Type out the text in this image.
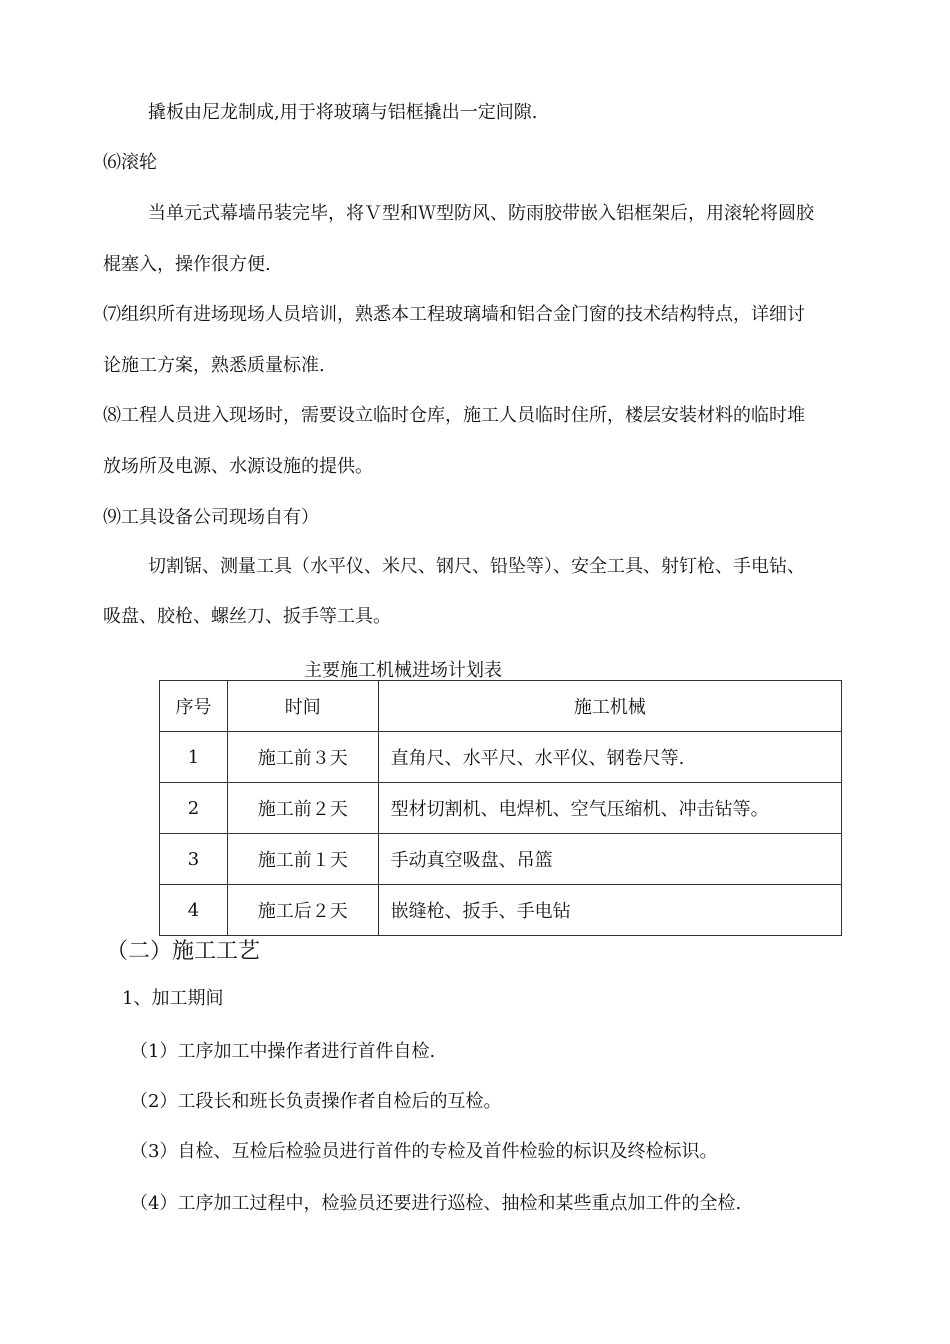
撬板由尼龙制成,用于将玻璃与铝框撬出一定间隙.
⑹滚轮
当单元式幕墙吊装完毕，将Ｖ型和Ｗ型防风、防雨胶带嵌入铝框架后，用滚轮将圆胶
棍塞入，操作很方便.
⑺组织所有进场现场人员培训，熟悉本工程玻璃墙和铝合金门窗的技术结构特点，详细讨
论施工方案，熟悉质量标准.
⑻工程人员进入现场时，需要设立临时仓库，施工人员临时住所，楼层安装材料的临时堆
放场所及电源、水源设施的提供。
⑼工具设备公司现场自有）
切割锯、测量工具（水平仪、米尺、钢尺、铅坠等）、安全工具、射钉枪、手电钻、
吸盘、胶枪、螺丝刀、扳手等工具。
主要施工机械进场计划表
序号	时间	施工机械
1	施工前３天	直角尺、水平尺、水平仪、钢卷尺等.
2	施工前２天	型材切割机、电焊机、空气压缩机、冲击钻等。
3	施工前１天	手动真空吸盘、吊篮
4	施工后２天	嵌缝枪、扳手、手电钻
（二）施工工艺
1、加工期间
（1）工序加工中操作者进行首件自检.
（2）工段长和班长负责操作者自检后的互检。
（3）自检、互检后检验员进行首件的专检及首件检验的标识及终检标识。
（4）工序加工过程中，检验员还要进行巡检、抽检和某些重点加工件的全检.
